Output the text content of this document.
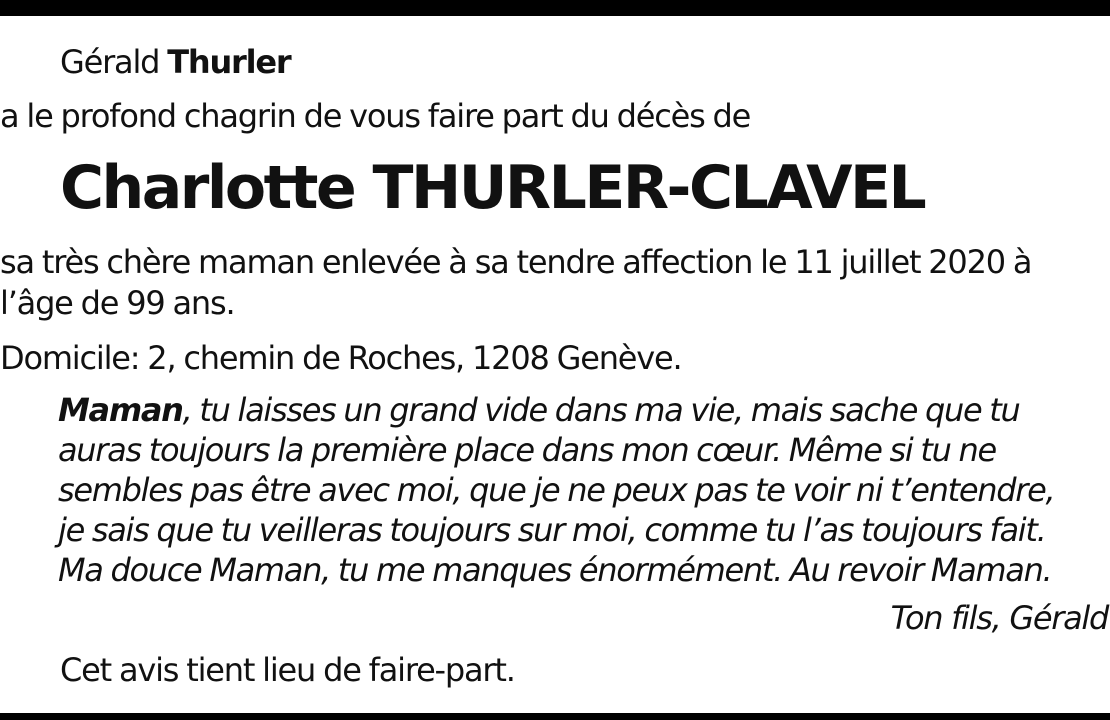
Gérald Thurler
a le profond chagrin de vous faire part du décès de
Charlotte THURLER-CLAVEL
sa très chère maman enlevée à sa tendre affection le 11 juillet 2020 à
l’âge de 99 ans.
Domicile: 2, chemin de Roches, 1208 Genève.
Maman, tu laisses un grand vide dans ma vie, mais sache que tu
auras toujours la première place dans mon cœur. Même si tu ne
sembles pas être avec moi, que je ne peux pas te voir ni t’entendre,
je sais que tu veilleras toujours sur moi, comme tu l’as toujours fait.
Ma douce Maman, tu me manques énormément. Au revoir Maman.
Ton fils, Gérald
Cet avis tient lieu de faire-part.
